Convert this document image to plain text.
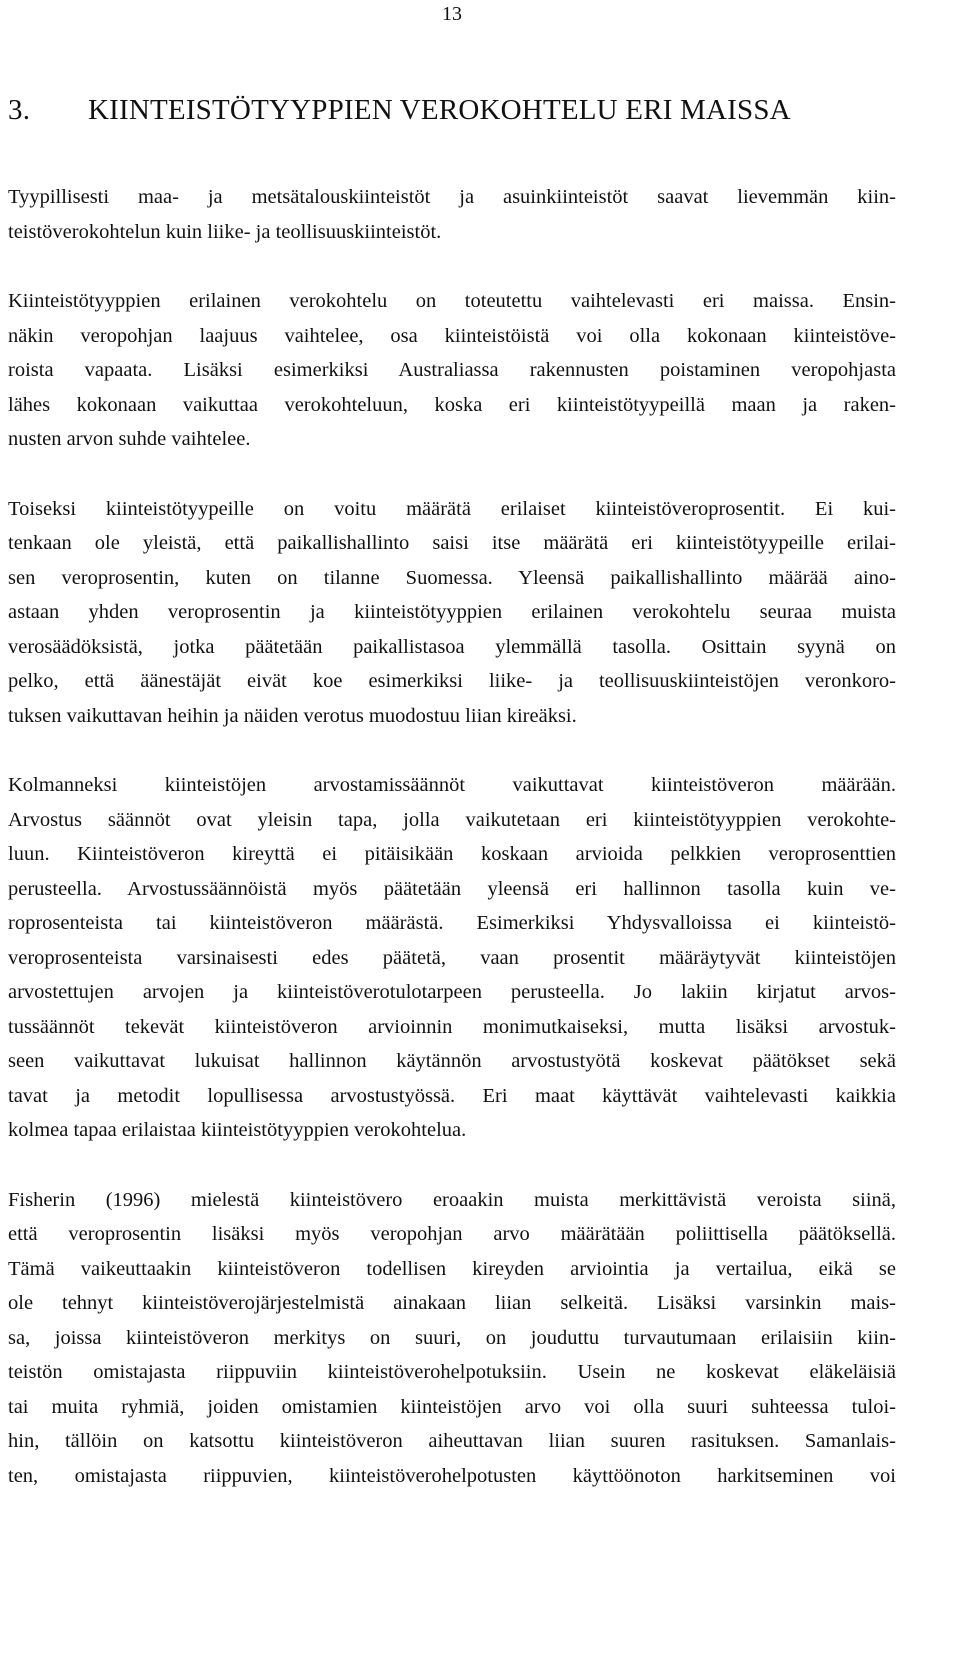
13
3. KIINTEISTÖTYYPPIEN VEROKOHTELU ERI MAISSA
Tyypillisesti maa- ja metsätalouskiinteistöt ja asuinkiinteistöt saavat lievemmän kiin-
teistöverokohtelun kuin liike- ja teollisuuskiinteistöt.
Kiinteistötyyppien erilainen verokohtelu on toteutettu vaihtelevasti eri maissa. Ensin-
näkin veropohjan laajuus vaihtelee, osa kiinteistöistä voi olla kokonaan kiinteistöve-
roista vapaata. Lisäksi esimerkiksi Australiassa rakennusten poistaminen veropohjasta
lähes kokonaan vaikuttaa verokohteluun, koska eri kiinteistötyypeillä maan ja raken-
nusten arvon suhde vaihtelee.
Toiseksi kiinteistötyypeille on voitu määrätä erilaiset kiinteistöveroprosentit. Ei kui-
tenkaan ole yleistä, että paikallishallinto saisi itse määrätä eri kiinteistötyypeille erilai-
sen veroprosentin, kuten on tilanne Suomessa. Yleensä paikallishallinto määrää aino-
astaan yhden veroprosentin ja kiinteistötyyppien erilainen verokohtelu seuraa muista
verosäädöksistä, jotka päätetään paikallistasoa ylemmällä tasolla. Osittain syynä on
pelko, että äänestäjät eivät koe esimerkiksi liike- ja teollisuuskiinteistöjen veronkoro-
tuksen vaikuttavan heihin ja näiden verotus muodostuu liian kireäksi.
Kolmanneksi kiinteistöjen arvostamissäännöt vaikuttavat kiinteistöveron määrään.
Arvostus säännöt ovat yleisin tapa, jolla vaikutetaan eri kiinteistötyyppien verokohte-
luun. Kiinteistöveron kireyttä ei pitäisikään koskaan arvioida pelkkien veroprosenttien
perusteella. Arvostussäännöistä myös päätetään yleensä eri hallinnon tasolla kuin ve-
roprosenteista tai kiinteistöveron määrästä. Esimerkiksi Yhdysvalloissa ei kiinteistö-
veroprosenteista varsinaisesti edes päätetä, vaan prosentit määräytyvät kiinteistöjen
arvostettujen arvojen ja kiinteistöverotulotarpeen perusteella. Jo lakiin kirjatut arvos-
tussäännöt tekevät kiinteistöveron arvioinnin monimutkaiseksi, mutta lisäksi arvostuk-
seen vaikuttavat lukuisat hallinnon käytännön arvostustyötä koskevat päätökset sekä
tavat ja metodit lopullisessa arvostustyössä. Eri maat käyttävät vaihtelevasti kaikkia
kolmea tapaa erilaistaa kiinteistötyyppien verokohtelua.
Fisherin (1996) mielestä kiinteistövero eroaakin muista merkittävistä veroista siinä,
että veroprosentin lisäksi myös veropohjan arvo määrätään poliittisella päätöksellä.
Tämä vaikeuttaakin kiinteistöveron todellisen kireyden arviointia ja vertailua, eikä se
ole tehnyt kiinteistöverojärjestelmistä ainakaan liian selkeitä. Lisäksi varsinkin mais-
sa, joissa kiinteistöveron merkitys on suuri, on jouduttu turvautumaan erilaisiin kiin-
teistön omistajasta riippuviin kiinteistöverohelpotuksiin. Usein ne koskevat eläkeläisiä
tai muita ryhmiä, joiden omistamien kiinteistöjen arvo voi olla suuri suhteessa tuloi-
hin, tällöin on katsottu kiinteistöveron aiheuttavan liian suuren rasituksen. Samanlais-
ten, omistajasta riippuvien, kiinteistöverohelpotusten käyttöönoton harkitseminen voi
